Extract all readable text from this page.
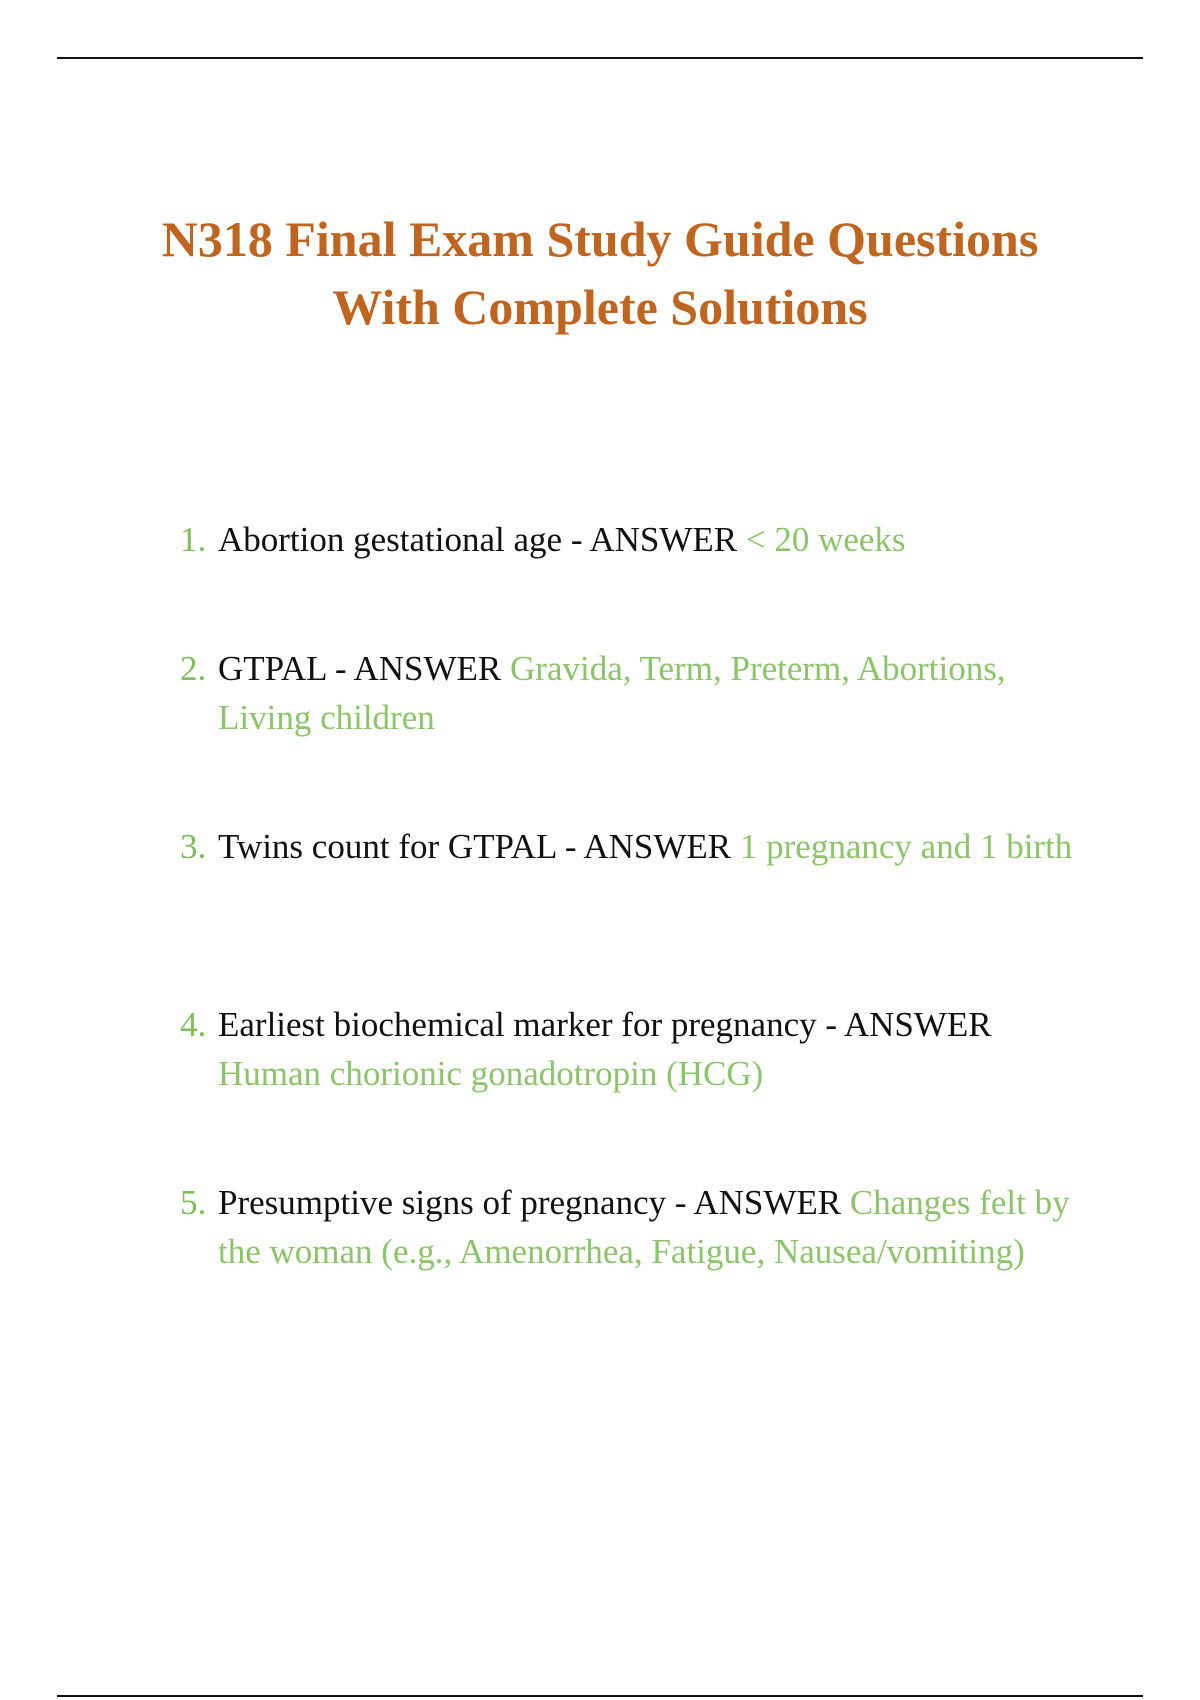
N318 Final Exam Study Guide Questions
With Complete Solutions
1. Abortion gestational age - ANSWER < 20 weeks
2. GTPAL - ANSWER Gravida, Term, Preterm, Abortions, Living children
3. Twins count for GTPAL - ANSWER 1 pregnancy and 1 birth
4. Earliest biochemical marker for pregnancy - ANSWER Human chorionic gonadotropin (HCG)
5. Presumptive signs of pregnancy - ANSWER Changes felt by the woman (e.g., Amenorrhea, Fatigue, Nausea/vomiting)
